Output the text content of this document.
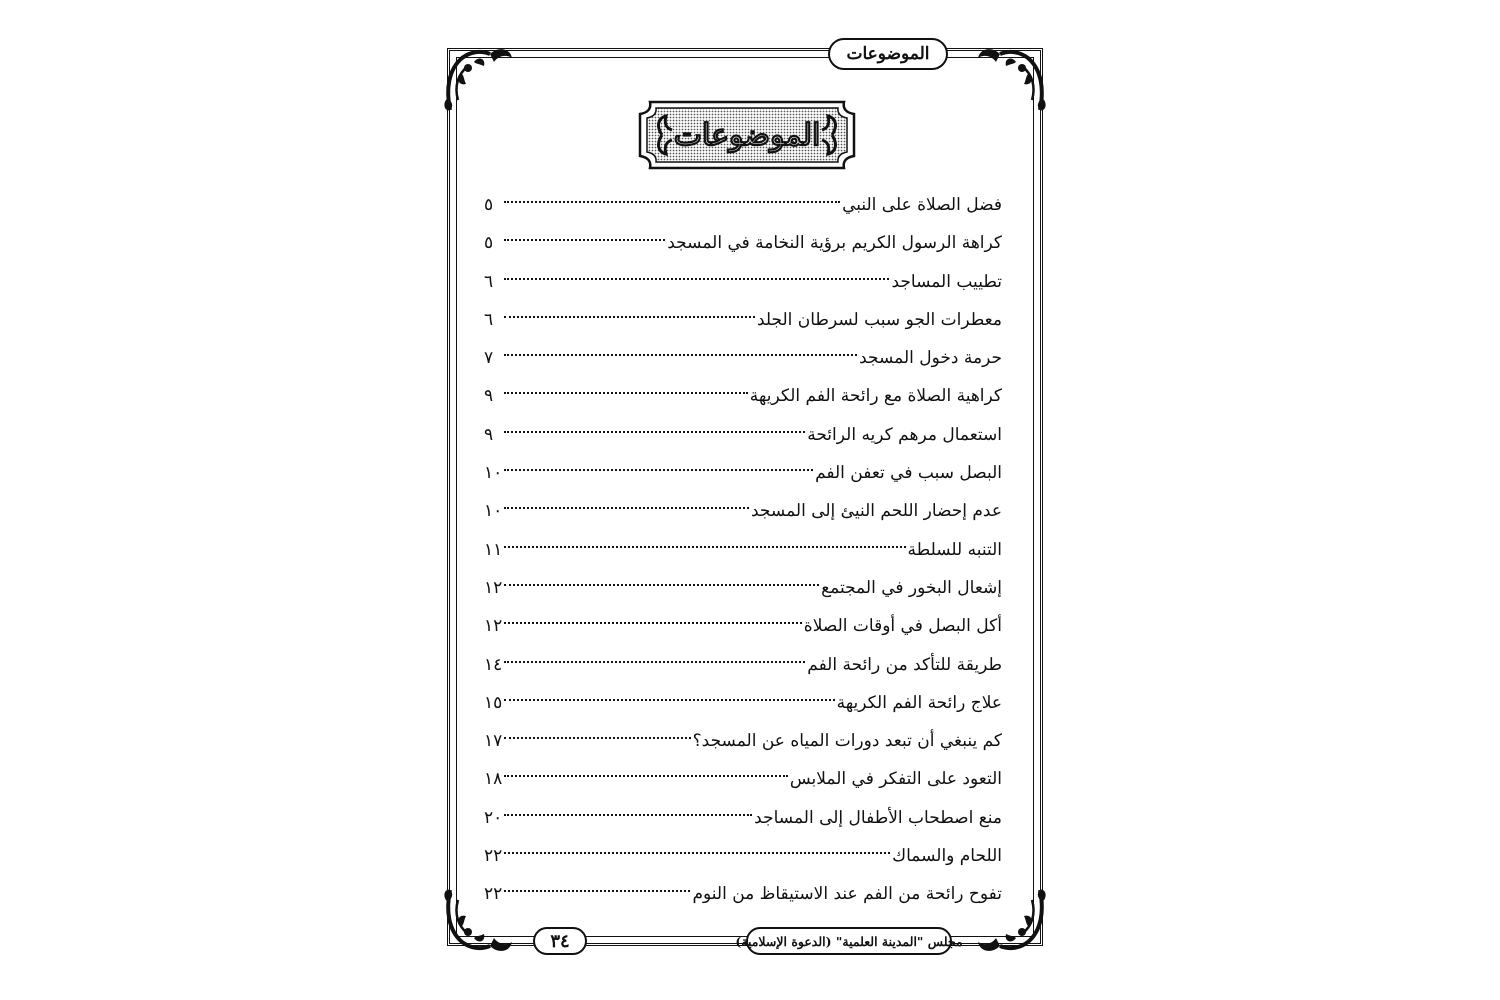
الموضوعات
الموضوعات
فضل الصلاة على النبي
٥
كراهة الرسول الكريم برؤية النخامة في المسجد
٥
تطييب المساجد
٦
معطرات الجو سبب لسرطان الجلد
٦
حرمة دخول المسجد
٧
كراهية الصلاة مع رائحة الفم الكريهة
٩
استعمال مرهم كريه الرائحة
٩
البصل سبب في تعفن الفم
١٠
عدم إحضار اللحم النيئ إلى المسجد
١٠
التنبه للسلطة
١١
إشعال البخور في المجتمع
١٢
أكل البصل في أوقات الصلاة
١٢
طريقة للتأكد من رائحة الفم
١٤
علاج رائحة الفم الكريهة
١٥
كم ينبغي أن تبعد دورات المياه عن المسجد؟
١٧
التعود على التفكر في الملابس
١٨
منع اصطحاب الأطفال إلى المساجد
٢٠
اللحام والسماك
٢٢
تفوح رائحة من الفم عند الاستيقاظ من النوم
٢٢
٣٤	مجلس "المدينة العلمية" (الدعوة الإسلامية)
